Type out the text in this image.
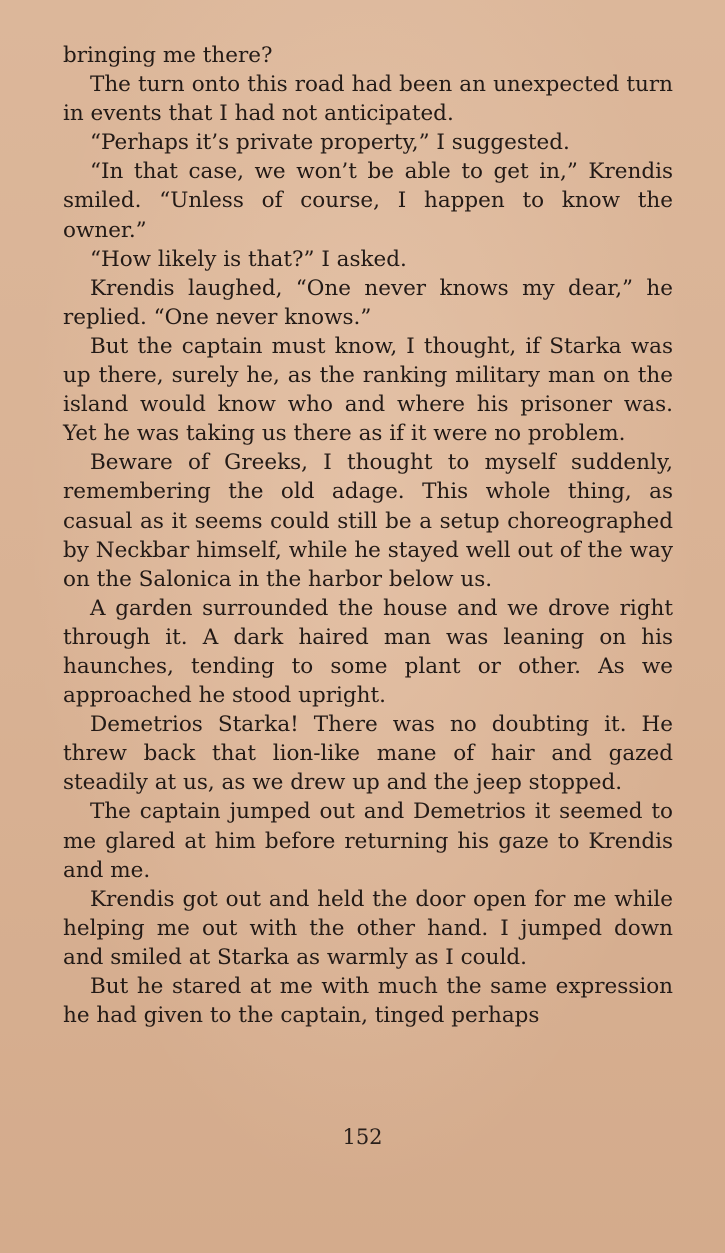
bringing me there?

The turn onto this road had been an unexpected turn in events that I had not anticipated.

“Perhaps it’s private property,” I suggested.

“In that case, we won’t be able to get in,” Krendis smiled. “Unless of course, I happen to know the owner.”

“How likely is that?” I asked.

Krendis laughed, “One never knows my dear,” he replied. “One never knows.”

But the captain must know, I thought, if Starka was up there, surely he, as the ranking military man on the island would know who and where his prisoner was. Yet he was taking us there as if it were no problem.

Beware of Greeks, I thought to myself suddenly, remembering the old adage. This whole thing, as casual as it seems could still be a setup choreographed by Neckbar himself, while he stayed well out of the way on the Salonica in the harbor below us.

A garden surrounded the house and we drove right through it. A dark haired man was leaning on his haunches, tending to some plant or other. As we approached he stood upright.

Demetrios Starka! There was no doubting it. He threw back that lion-like mane of hair and gazed steadily at us, as we drew up and the jeep stopped.

The captain jumped out and Demetrios it seemed to me glared at him before returning his gaze to Krendis and me.

Krendis got out and held the door open for me while helping me out with the other hand. I jumped down and smiled at Starka as warmly as I could.

But he stared at me with much the same expression he had given to the captain, tinged perhaps

152
